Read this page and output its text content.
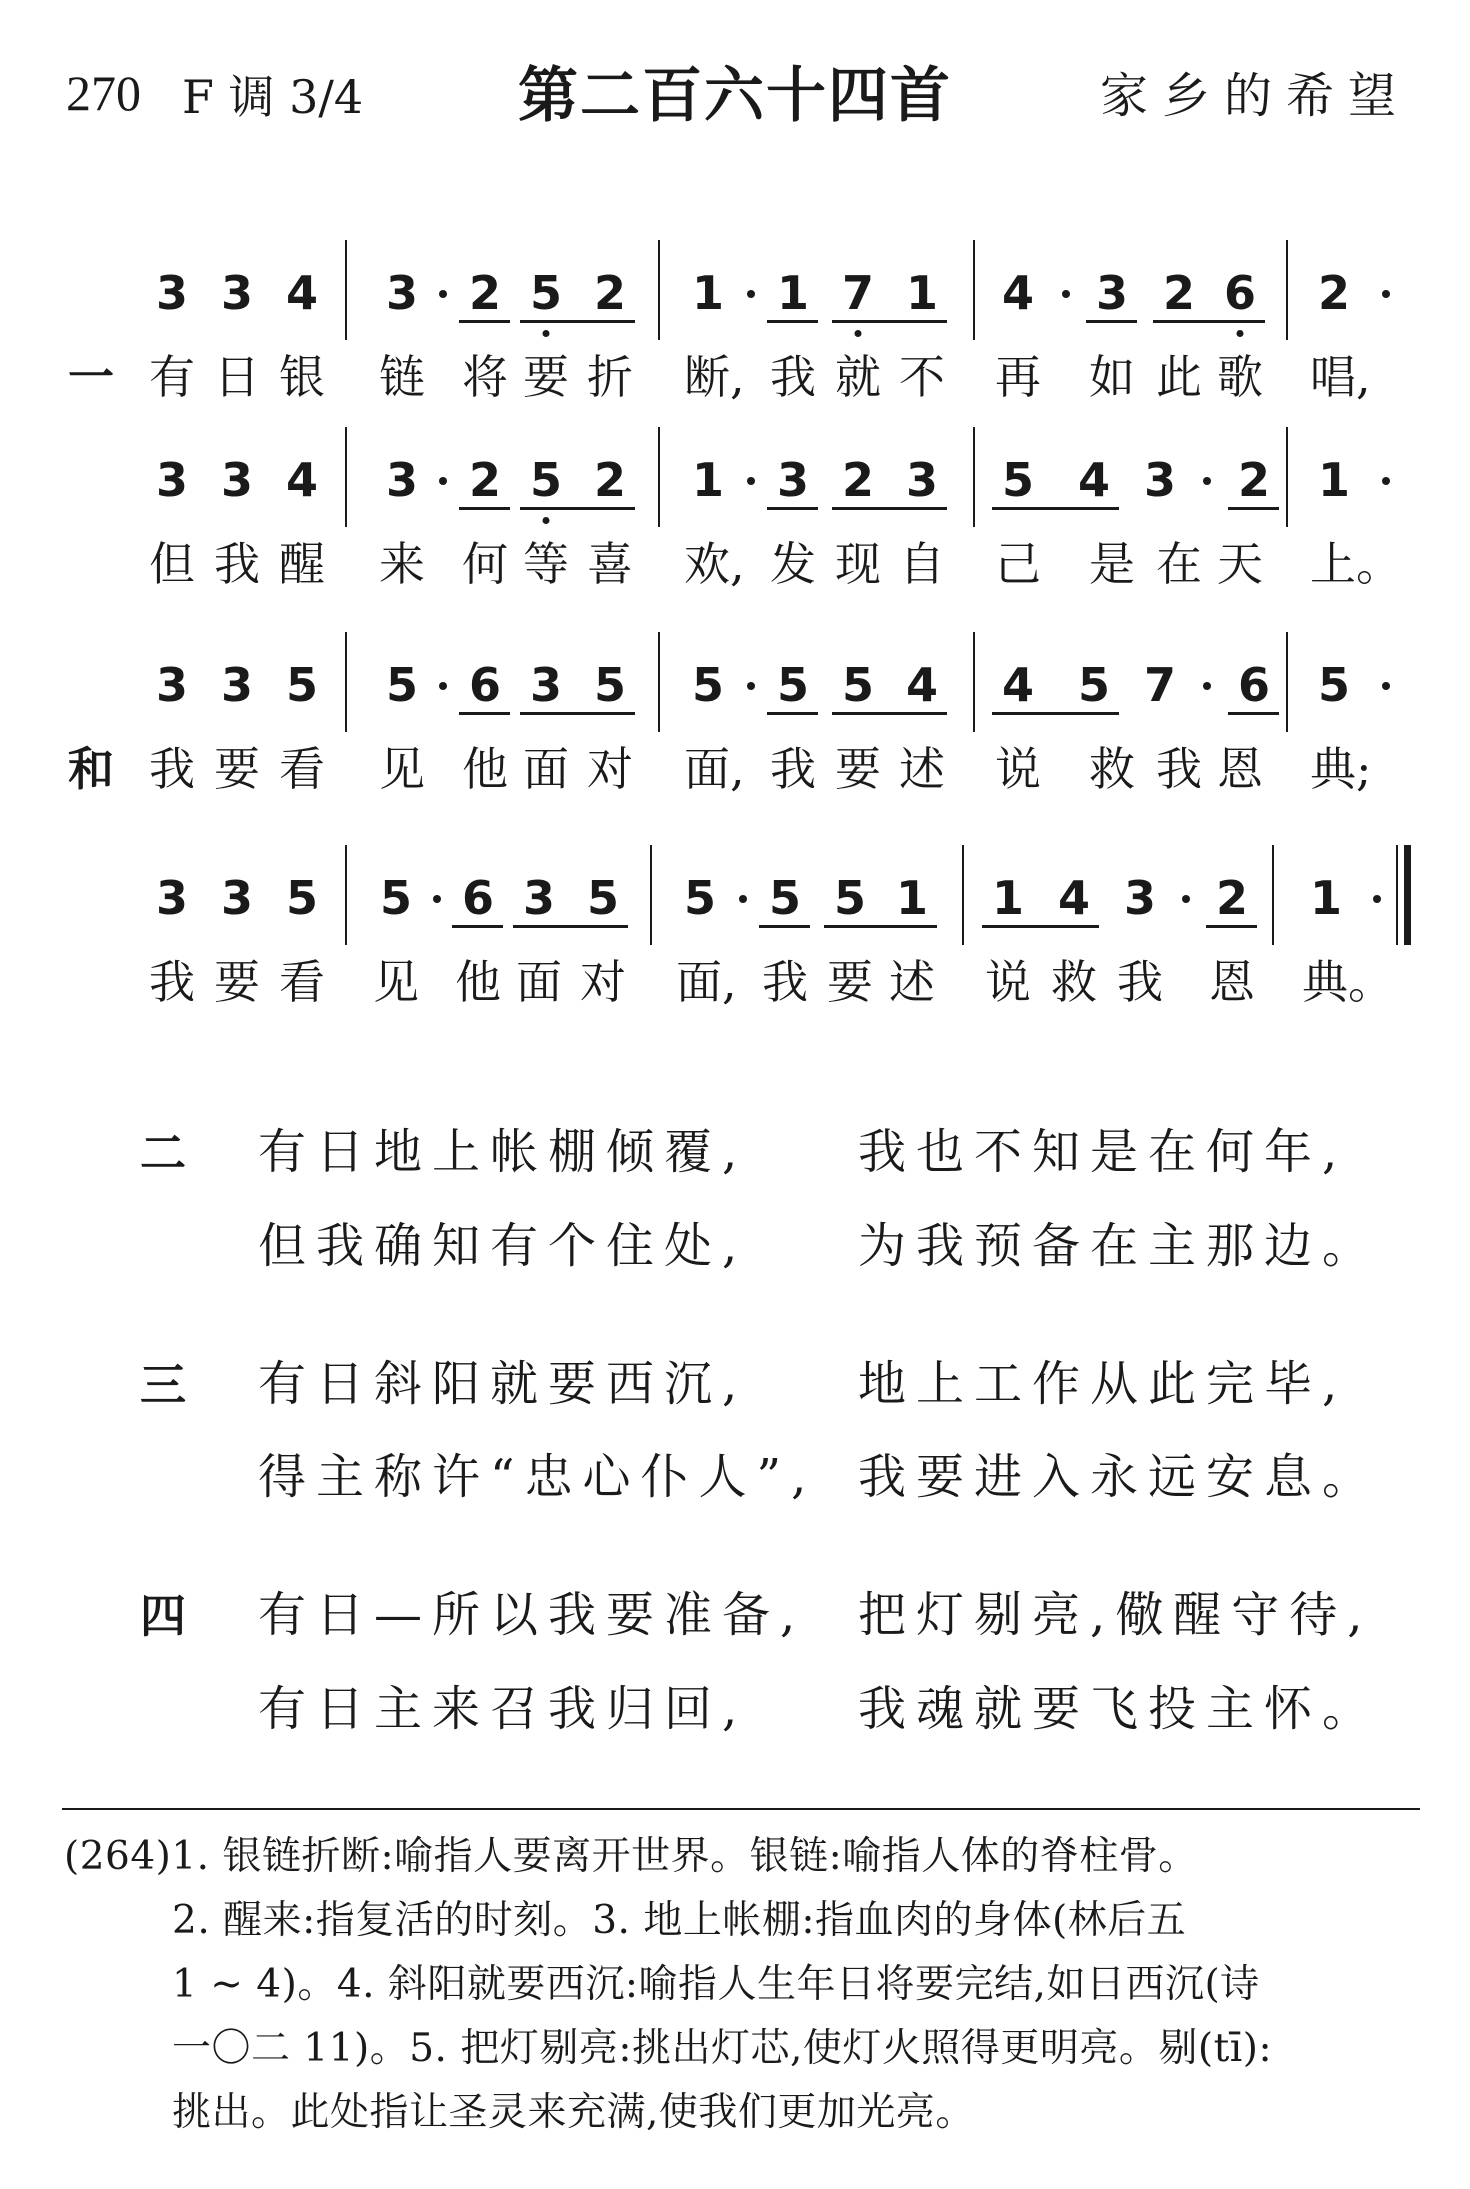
270 F 调 3/4	第二百六十四首	家乡的希望
一
3 3 4 3 2 5 2 1 1 7 1 4 3 2 6 2
有 日 银 链 将 要 折 断, 我 就 不 再 如 此 歌 唱,
3 3 4 3 2 5 2 1 3 2 3 5 4 3 2 1
但 我 醒 来 何 等 喜 欢, 发 现 自 己 是 在 天 上。
和
3 3 5 5 6 3 5 5 5 5 4 4 5 7 6 5
我 要 看 见 他 面 对 面, 我 要 述 说 救 我 恩 典;
3 3 5 5 6 3 5 5 5 5 1 1 4 3 2 1
我 要 看 见 他 面 对 面, 我 要 述 说 救 我 恩 典。
二 有日地上帐棚倾覆, 我也不知是在何年,
但我确知有个住处, 为我预备在主那边。
三 有日斜阳就要西沉, 地上工作从此完毕,
得主称许“忠心仆人”, 我要进入永远安息。
四 有日—所以我要准备, 把灯剔亮,儆醒守待,
有日主来召我归回, 我魂就要飞投主怀。
(264)1. 银链折断:喻指人要离开世界。银链:喻指人体的脊柱骨。
2. 醒来:指复活的时刻。3. 地上帐棚:指血肉的身体(林后五
1 ~ 4)。4. 斜阳就要西沉:喻指人生年日将要完结,如日西沉(诗
一〇二 11)。5. 把灯剔亮:挑出灯芯,使灯火照得更明亮。剔(tī):
挑出。此处指让圣灵来充满,使我们更加光亮。
